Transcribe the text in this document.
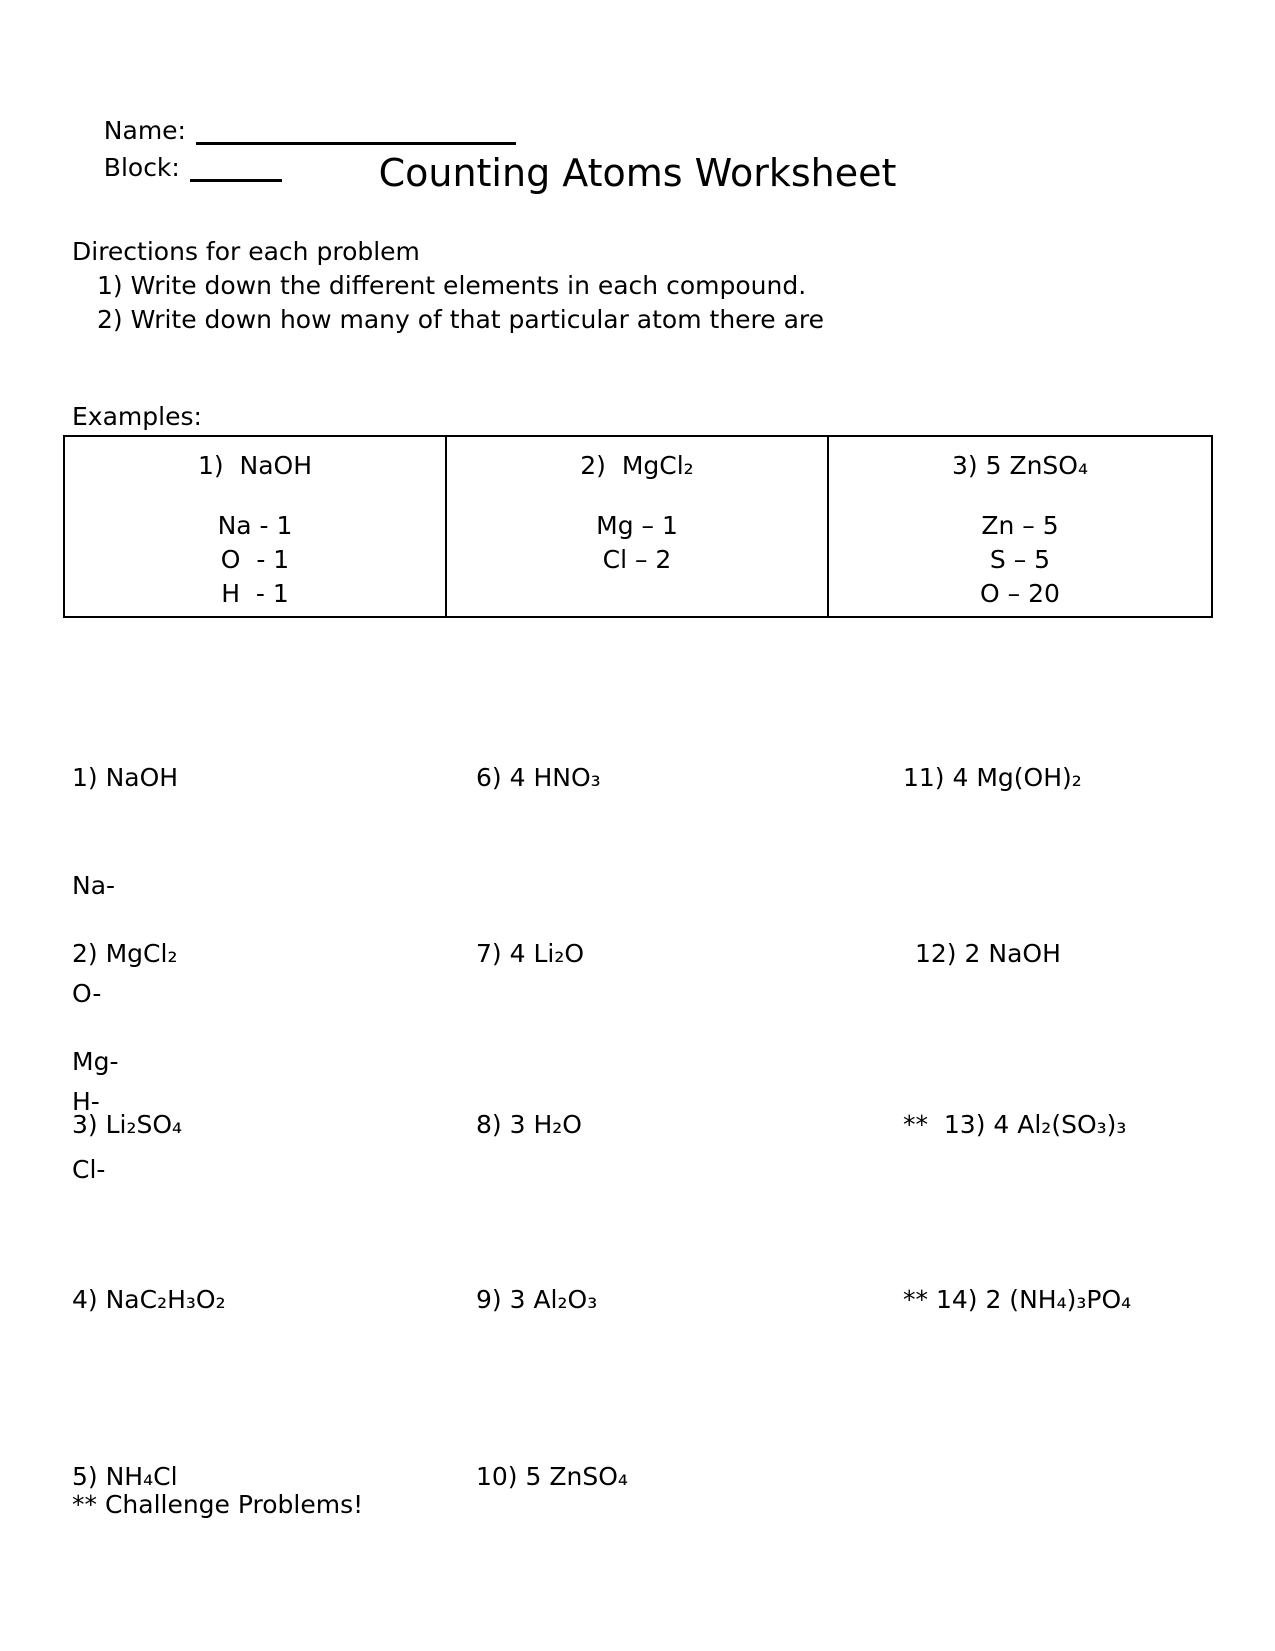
Name:

Block:
	Counting Atoms Worksheet
Directions for each problem
1) Write down the different elements in each compound.
2) Write down how many of that particular atom there are
Examples:
1)  NaOH
Na - 1
O  - 1
H  - 1
2)  MgCl₂
Mg – 1
Cl – 2
3) 5 ZnSO₄
Zn – 5
S – 5
O – 20

1) NaOH

Na-

O-

H-

2) MgCl₂

Mg-

Cl-

3) Li₂SO₄

4) NaC₂H₃O₂

5) NH₄Cl

6) 4 HNO₃

7) 4 Li₂O

8) 3 H₂O

9) 3 Al₂O₃

10) 5 ZnSO₄

11) 4 Mg(OH)₂

12) 2 NaOH

**  13) 4 Al₂(SO₃)₃

** 14) 2 (NH₄)₃PO₄

** Challenge Problems!
